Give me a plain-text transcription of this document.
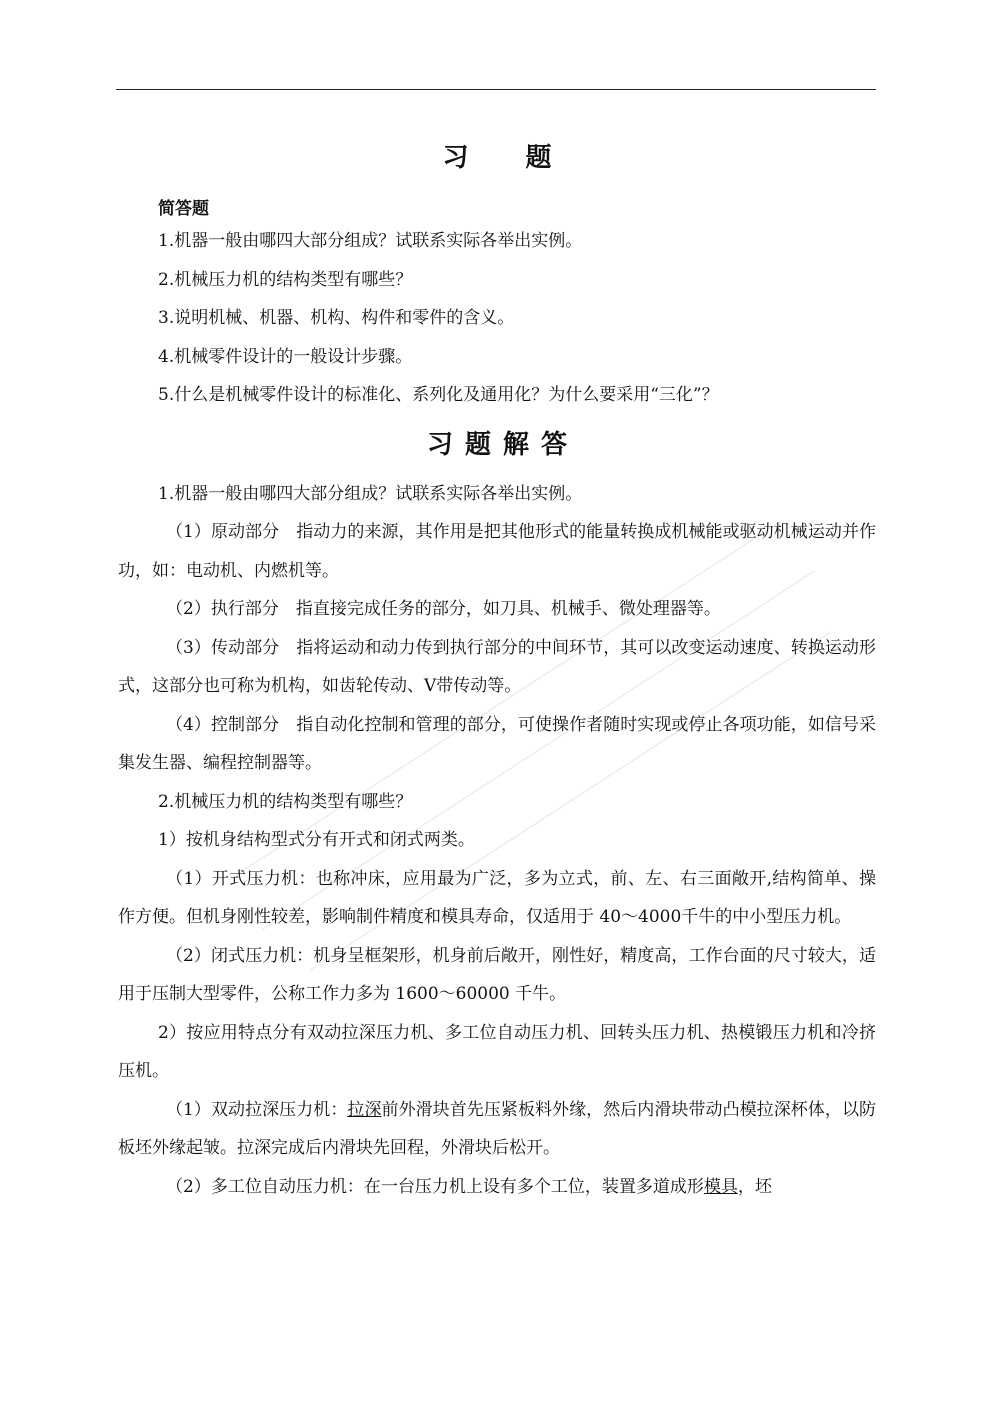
习 题
简答题
1.机器一般由哪四大部分组成？试联系实际各举出实例。
2.机械压力机的结构类型有哪些？
3.说明机械、机器、机构、构件和零件的含义。
4.机械零件设计的一般设计步骤。
5.什么是机械零件设计的标准化、系列化及通用化？为什么要采用“三化”？
习题解答
1.机器一般由哪四大部分组成？试联系实际各举出实例。

（1）原动部分　指动力的来源，其作用是把其他形式的能量转换成机械能或驱动机械运动并作功，如：电动机、内燃机等。

（2）执行部分　指直接完成任务的部分，如刀具、机械手、微处理器等。

（3）传动部分　指将运动和动力传到执行部分的中间环节，其可以改变运动速度、转换运动形式，这部分也可称为机构，如齿轮传动、V带传动等。

（4）控制部分　指自动化控制和管理的部分，可使操作者随时实现或停止各项功能，如信号采集发生器、编程控制器等。

2.机械压力机的结构类型有哪些？
1）按机身结构型式分有开式和闭式两类。

（1）开式压力机：也称冲床，应用最为广泛，多为立式，前、左、右三面敞开,结构简单、操作方便。但机身刚性较差，影响制件精度和模具寿命，仅适用于 40～4000千牛的中小型压力机。

（2）闭式压力机：机身呈框架形，机身前后敞开，刚性好，精度高，工作台面的尺寸较大，适用于压制大型零件，公称工作力多为 1600～60000 千牛。

2）按应用特点分有双动拉深压力机、多工位自动压力机、回转头压力机、热模锻压力机和冷挤压机。

（1）双动拉深压力机：拉深前外滑块首先压紧板料外缘，然后内滑块带动凸模拉深杯体，以防板坯外缘起皱。拉深完成后内滑块先回程，外滑块后松开。

（2）多工位自动压力机：在一台压力机上设有多个工位，装置多道成形模具，坯
